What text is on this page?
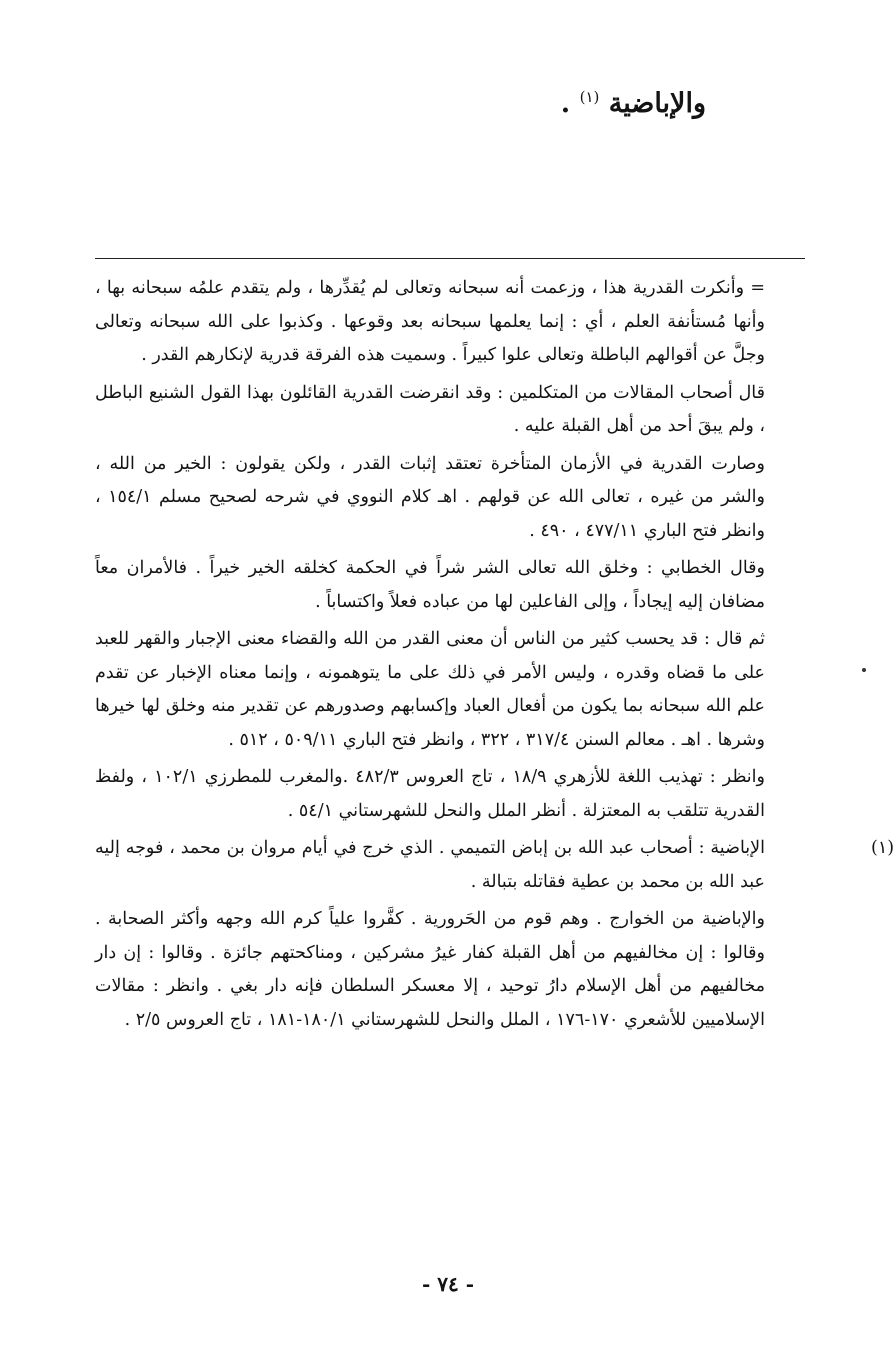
والإباضية $^{(١)}$ .

= وأنكرت القدرية هذا ، وزعمت أنه سبحانه وتعالى لم يُقدِّرها ، ولم يتقدم علمُه سبحانه بها ، وأنها مُستأنفة العلم ، أي : إنما يعلمها سبحانه بعد وقوعها . وكذبوا على الله سبحانه وتعالى وجلَّ عن أقوالهم الباطلة وتعالى علوا كبيراً . وسميت هذه الفرقة قدرية لإنكارهم القدر .

قال أصحاب المقالات من المتكلمين : وقد انقرضت القدرية القائلون بهذا القول الشنيع الباطل ، ولم يبقَ أحد من أهل القبلة عليه .

وصارت القدرية في الأزمان المتأخرة تعتقد إثبات القدر ، ولكن يقولون : الخير من الله ، والشر من غيره ، تعالى الله عن قولهم . اهـ كلام النووي في شرحه لصحيح مسلم ١٥٤/١ ، وانظر فتح الباري ٤٧٧/١١ ، ٤٩٠ .

وقال الخطابي : وخلق الله تعالى الشر شراً في الحكمة كخلقه الخير خيراً . فالأمران معاً مضافان إليه إيجاداً ، وإلى الفاعلين لها من عباده فعلاً واكتساباً .

ثم قال : قد يحسب كثير من الناس أن معنى القدر من الله والقضاء معنى الإجبار والقهر للعبد على ما قضاه وقدره ، وليس الأمر في ذلك على ما يتوهمونه ، وإنما معناه الإخبار عن تقدم علم الله سبحانه بما يكون من أفعال العباد وإكسابهم وصدورهم عن تقدير منه وخلق لها خيرها وشرها . اهـ . معالم السنن ٣١٧/٤ ، ٣٢٢ ، وانظر فتح الباري ٥٠٩/١١ ، ٥١٢ .

وانظر : تهذيب اللغة للأزهري ١٨/٩ ، تاج العروس ٤٨٢/٣ .والمغرب للمطرزي ١٠٢/١ ، ولفظ القدرية تتلقب به المعتزلة . أنظر الملل والنحل للشهرستاني ٥٤/١ .

(١)

الإباضية : أصحاب عبد الله بن إباض التميمي . الذي خرج في أيام مروان بن محمد ، فوجه إليه عبد الله بن محمد بن عطية فقاتله بتبالة .

والإباضية من الخوارج . وهم قوم من الحَرورية . كفَّروا علياً كرم الله وجهه وأكثر الصحابة . وقالوا : إن مخالفيهم من أهل القبلة كفار غيرُ مشركين ، ومناكحتهم جائزة . وقالوا : إن دار مخالفيهم من أهل الإسلام دارُ توحيد ، إلا معسكر السلطان فإنه دار بغي . وانظر : مقالات الإسلاميين للأشعري ١٧٠-١٧٦ ، الملل والنحل للشهرستاني ١٨٠/١-١٨١ ، تاج العروس ٢/٥ .

- ٧٤ -
